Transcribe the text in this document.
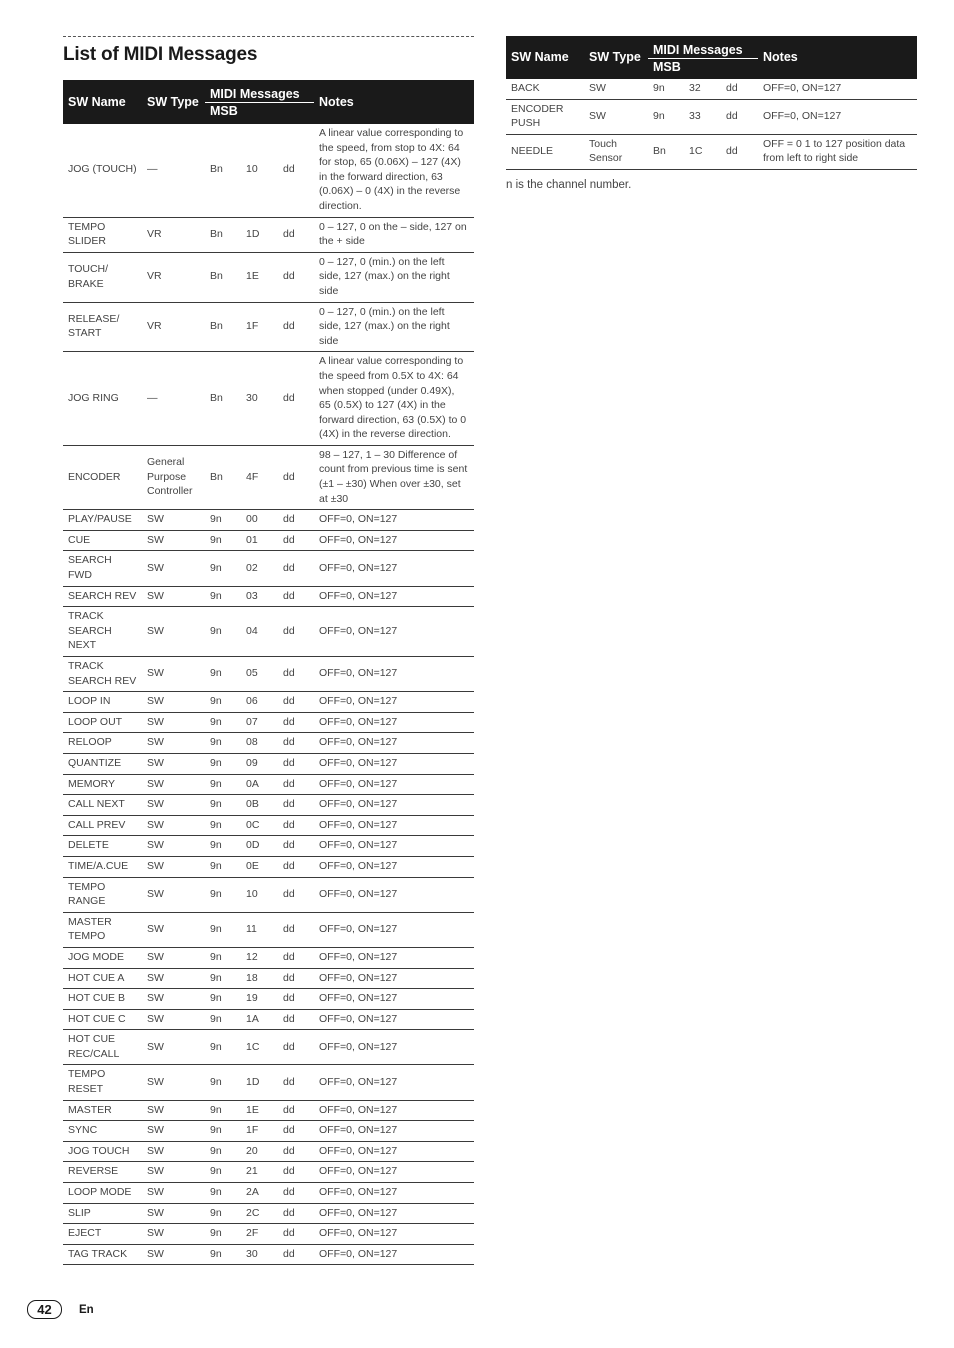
List of MIDI Messages
SW Name	SW Type	MIDI Messages			Notes
		MSB			
JOG (TOUCH)	—	Bn	10	dd	A linear value corresponding to the speed, from stop to 4X: 64 for stop, 65 (0.06X) – 127 (4X) in the forward direction, 63 (0.06X) – 0 (4X) in the reverse direction.
TEMPO SLIDER	VR	Bn	1D	dd	0 – 127, 0 on the – side, 127 on the + side
TOUCH/ BRAKE	VR	Bn	1E	dd	0 – 127, 0 (min.) on the left side, 127 (max.) on the right side
RELEASE/ START	VR	Bn	1F	dd	0 – 127, 0 (min.) on the left side, 127 (max.) on the right side
JOG RING	—	Bn	30	dd	A linear value corresponding to the speed from 0.5X to 4X: 64 when stopped (under 0.49X), 65 (0.5X) to 127 (4X) in the forward direction, 63 (0.5X) to 0 (4X) in the reverse direction.
ENCODER	General Purpose Controller	Bn	4F	dd	98 – 127, 1 – 30 Difference of count from previous time is sent (±1 – ±30) When over ±30, set at ±30
PLAY/PAUSE	SW	9n	00	dd	OFF=0, ON=127
CUE	SW	9n	01	dd	OFF=0, ON=127
SEARCH FWD	SW	9n	02	dd	OFF=0, ON=127
SEARCH REV	SW	9n	03	dd	OFF=0, ON=127
TRACK SEARCH NEXT	SW	9n	04	dd	OFF=0, ON=127
TRACK SEARCH REV	SW	9n	05	dd	OFF=0, ON=127
LOOP IN	SW	9n	06	dd	OFF=0, ON=127
LOOP OUT	SW	9n	07	dd	OFF=0, ON=127
RELOOP	SW	9n	08	dd	OFF=0, ON=127
QUANTIZE	SW	9n	09	dd	OFF=0, ON=127
MEMORY	SW	9n	0A	dd	OFF=0, ON=127
CALL NEXT	SW	9n	0B	dd	OFF=0, ON=127
CALL PREV	SW	9n	0C	dd	OFF=0, ON=127
DELETE	SW	9n	0D	dd	OFF=0, ON=127
TIME/A.CUE	SW	9n	0E	dd	OFF=0, ON=127
TEMPO RANGE	SW	9n	10	dd	OFF=0, ON=127
MASTER TEMPO	SW	9n	11	dd	OFF=0, ON=127
JOG MODE	SW	9n	12	dd	OFF=0, ON=127
HOT CUE A	SW	9n	18	dd	OFF=0, ON=127
HOT CUE B	SW	9n	19	dd	OFF=0, ON=127
HOT CUE C	SW	9n	1A	dd	OFF=0, ON=127
HOT CUE REC/CALL	SW	9n	1C	dd	OFF=0, ON=127
TEMPO RESET	SW	9n	1D	dd	OFF=0, ON=127
MASTER	SW	9n	1E	dd	OFF=0, ON=127
SYNC	SW	9n	1F	dd	OFF=0, ON=127
JOG TOUCH	SW	9n	20	dd	OFF=0, ON=127
REVERSE	SW	9n	21	dd	OFF=0, ON=127
LOOP MODE	SW	9n	2A	dd	OFF=0, ON=127
SLIP	SW	9n	2C	dd	OFF=0, ON=127
EJECT	SW	9n	2F	dd	OFF=0, ON=127
TAG TRACK	SW	9n	30	dd	OFF=0, ON=127
SW Name	SW Type	MIDI Messages			Notes
		MSB			
BACK	SW	9n	32	dd	OFF=0, ON=127
ENCODER PUSH	SW	9n	33	dd	OFF=0, ON=127
NEEDLE	Touch Sensor	Bn	1C	dd	OFF = 0 1 to 127 position data from left to right side

n is the channel number.

42	En
